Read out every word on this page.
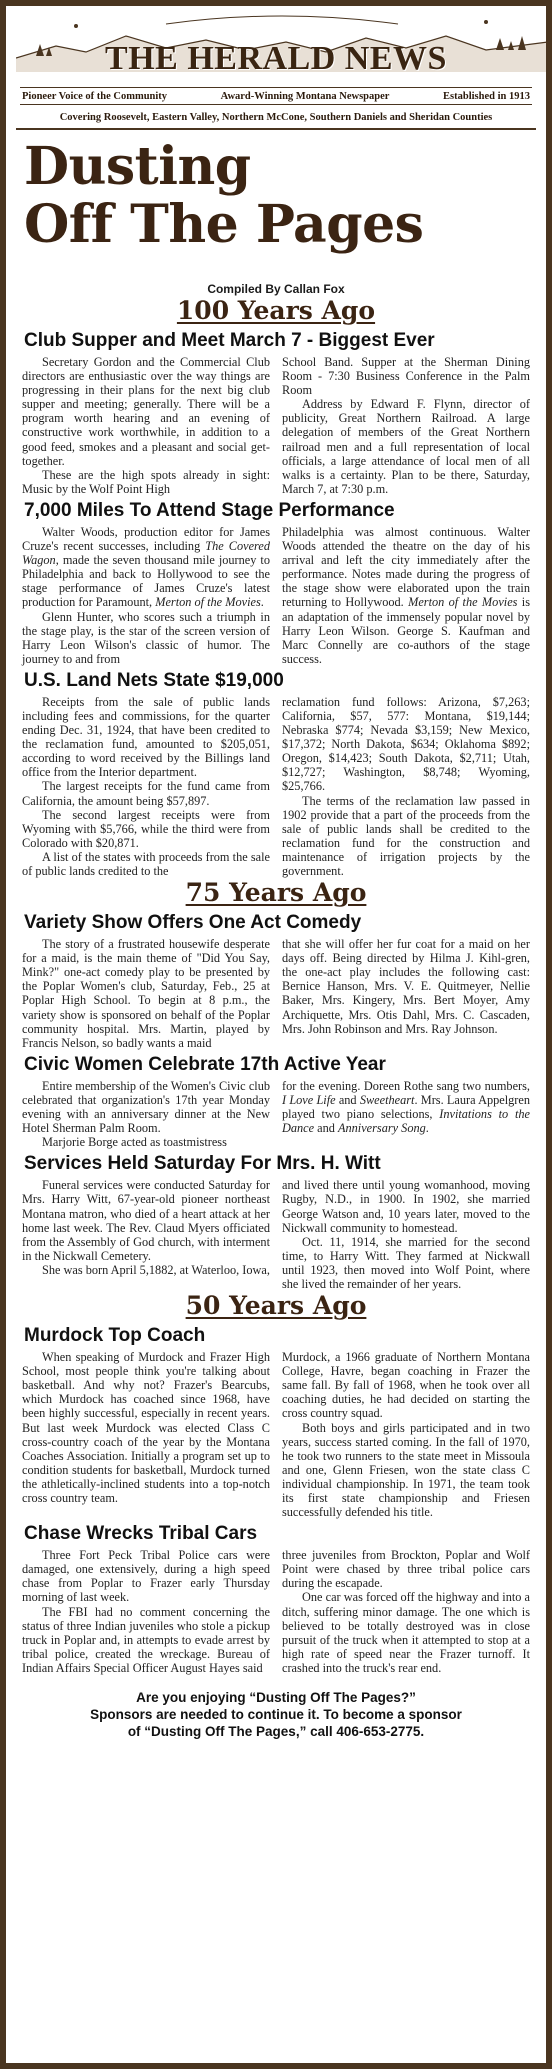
THE HERALD NEWS
Pioneer Voice of the Community	Award-Winning Montana Newspaper	Established in 1913
Covering Roosevelt, Eastern Valley, Northern McCone, Southern Daniels and Sheridan Counties
Dusting
Off The Pages
Compiled By Callan Fox
100 Years Ago
Club Supper and Meet March 7 - Biggest Ever

Secretary Gordon and the Commercial Club directors are enthusiastic over the way things are progressing in their plans for the next big club supper and meeting; generally. There will be a program worth hearing and an evening of constructive work worthwhile, in addition to a good feed, smokes and a pleasant and social get-together.

These are the high spots already in sight: Music by the Wolf Point High

School Band. Supper at the Sherman Dining Room - 7:30 Business Conference in the Palm Room

Address by Edward F. Flynn, director of publicity, Great Northern Railroad. A large delegation of members of the Great Northern railroad men and a full representation of local officials, a large attendance of local men of all walks is a certainty. Plan to be there, Saturday, March 7, at 7:30 p.m.

7,000 Miles To Attend Stage Performance

Walter Woods, production editor for James Cruze's recent successes, including The Covered Wagon, made the seven thousand mile journey to Philadelphia and back to Hollywood to see the stage performance of James Cruze's latest production for Paramount, Merton of the Movies.

Glenn Hunter, who scores such a triumph in the stage play, is the star of the screen version of Harry Leon Wilson's classic of humor. The journey to and from

Philadelphia was almost continuous. Walter Woods attended the theatre on the day of his arrival and left the city immediately after the performance. Notes made during the progress of the stage show were elaborated upon the train returning to Hollywood. Merton of the Movies is an adaptation of the immensely popular novel by Harry Leon Wilson. George S. Kaufman and Marc Connelly are co-authors of the stage success.

U.S. Land Nets State $19,000

Receipts from the sale of public lands including fees and commissions, for the quarter ending Dec. 31, 1924, that have been credited to the reclamation fund, amounted to $205,051, according to word received by the Billings land office from the Interior department.

The largest receipts for the fund came from California, the amount being $57,897.

The second largest receipts were from Wyoming with $5,766, while the third were from Colorado with $20,871.

A list of the states with proceeds from the sale of public lands credited to the

reclamation fund follows: Arizona, $7,263; California, $57, 577: Montana, $19,144; Nebraska $774; Nevada $3,159; New Mexico, $17,372; North Dakota, $634; Oklahoma $892; Oregon, $14,423; South Dakota, $2,711; Utah, $12,727; Washington, $8,748; Wyoming, $25,766.

The terms of the reclamation law passed in 1902 provide that a part of the proceeds from the sale of public lands shall be credited to the reclamation fund for the construction and maintenance of irrigation projects by the government.

75 Years Ago
Variety Show Offers One Act Comedy

The story of a frustrated housewife desperate for a maid, is the main theme of "Did You Say, Mink?" one-act comedy play to be presented by the Poplar Women's club, Saturday, Feb., 25 at Poplar High School. To begin at 8 p.m., the variety show is sponsored on behalf of the Poplar community hospital. Mrs. Martin, played by Francis Nelson, so badly wants a maid

that she will offer her fur coat for a maid on her days off. Being directed by Hilma J. Kihl-gren, the one-act play includes the following cast: Bernice Hanson, Mrs. V. E. Quitmeyer, Nellie Baker, Mrs. Kingery, Mrs. Bert Moyer, Amy Archiquette, Mrs. Otis Dahl, Mrs. C. Cascaden, Mrs. John Robinson and Mrs. Ray Johnson.

Civic Women Celebrate 17th Active Year

Entire membership of the Women's Civic club celebrated that organization's 17th year Monday evening with an anniversary dinner at the New Hotel Sherman Palm Room.

Marjorie Borge acted as toastmistress

for the evening. Doreen Rothe sang two numbers, I Love Life and Sweetheart. Mrs. Laura Appelgren played two piano selections, Invitations to the Dance and Anniversary Song.

Services Held Saturday For Mrs. H. Witt

Funeral services were conducted Saturday for Mrs. Harry Witt, 67-year-old pioneer northeast Montana matron, who died of a heart attack at her home last week. The Rev. Claud Myers officiated from the Assembly of God church, with interment in the Nickwall Cemetery.

She was born April 5,1882, at Waterloo, Iowa,

and lived there until young womanhood, moving Rugby, N.D., in 1900. In 1902, she married George Watson and, 10 years later, moved to the Nickwall community to homestead.

Oct. 11, 1914, she married for the second time, to Harry Witt. They farmed at Nickwall until 1923, then moved into Wolf Point, where she lived the remainder of her years.

50 Years Ago
Murdock Top Coach

When speaking of Murdock and Frazer High School, most people think you're talking about basketball. And why not? Frazer's Bearcubs, which Murdock has coached since 1968, have been highly successful, especially in recent years. But last week Murdock was elected Class C cross-country coach of the year by the Montana Coaches Association. Initially a program set up to condition students for basketball, Murdock turned the athletically-inclined students into a top-notch cross country team.

Murdock, a 1966 graduate of Northern Montana College, Havre, began coaching in Frazer the same fall. By fall of 1968, when he took over all coaching duties, he had decided on starting the cross country squad.

Both boys and girls participated and in two years, success started coming. In the fall of 1970, he took two runners to the state meet in Missoula and one, Glenn Friesen, won the state class C individual championship. In 1971, the team took its first state championship and Friesen successfully defended his title.

Chase Wrecks Tribal Cars

Three Fort Peck Tribal Police cars were damaged, one extensively, during a high speed chase from Poplar to Frazer early Thursday morning of last week.

The FBI had no comment concerning the status of three Indian juveniles who stole a pickup truck in Poplar and, in attempts to evade arrest by tribal police, created the wreckage. Bureau of Indian Affairs Special Officer August Hayes said

three juveniles from Brockton, Poplar and Wolf Point were chased by three tribal police cars during the escapade.

One car was forced off the highway and into a ditch, suffering minor damage. The one which is believed to be totally destroyed was in close pursuit of the truck when it attempted to stop at a high rate of speed near the Frazer turnoff. It crashed into the truck's rear end.

Are you enjoying “Dusting Off The Pages?”
Sponsors are needed to continue it. To become a sponsor
of “Dusting Off The Pages,” call 406-653-2775.
